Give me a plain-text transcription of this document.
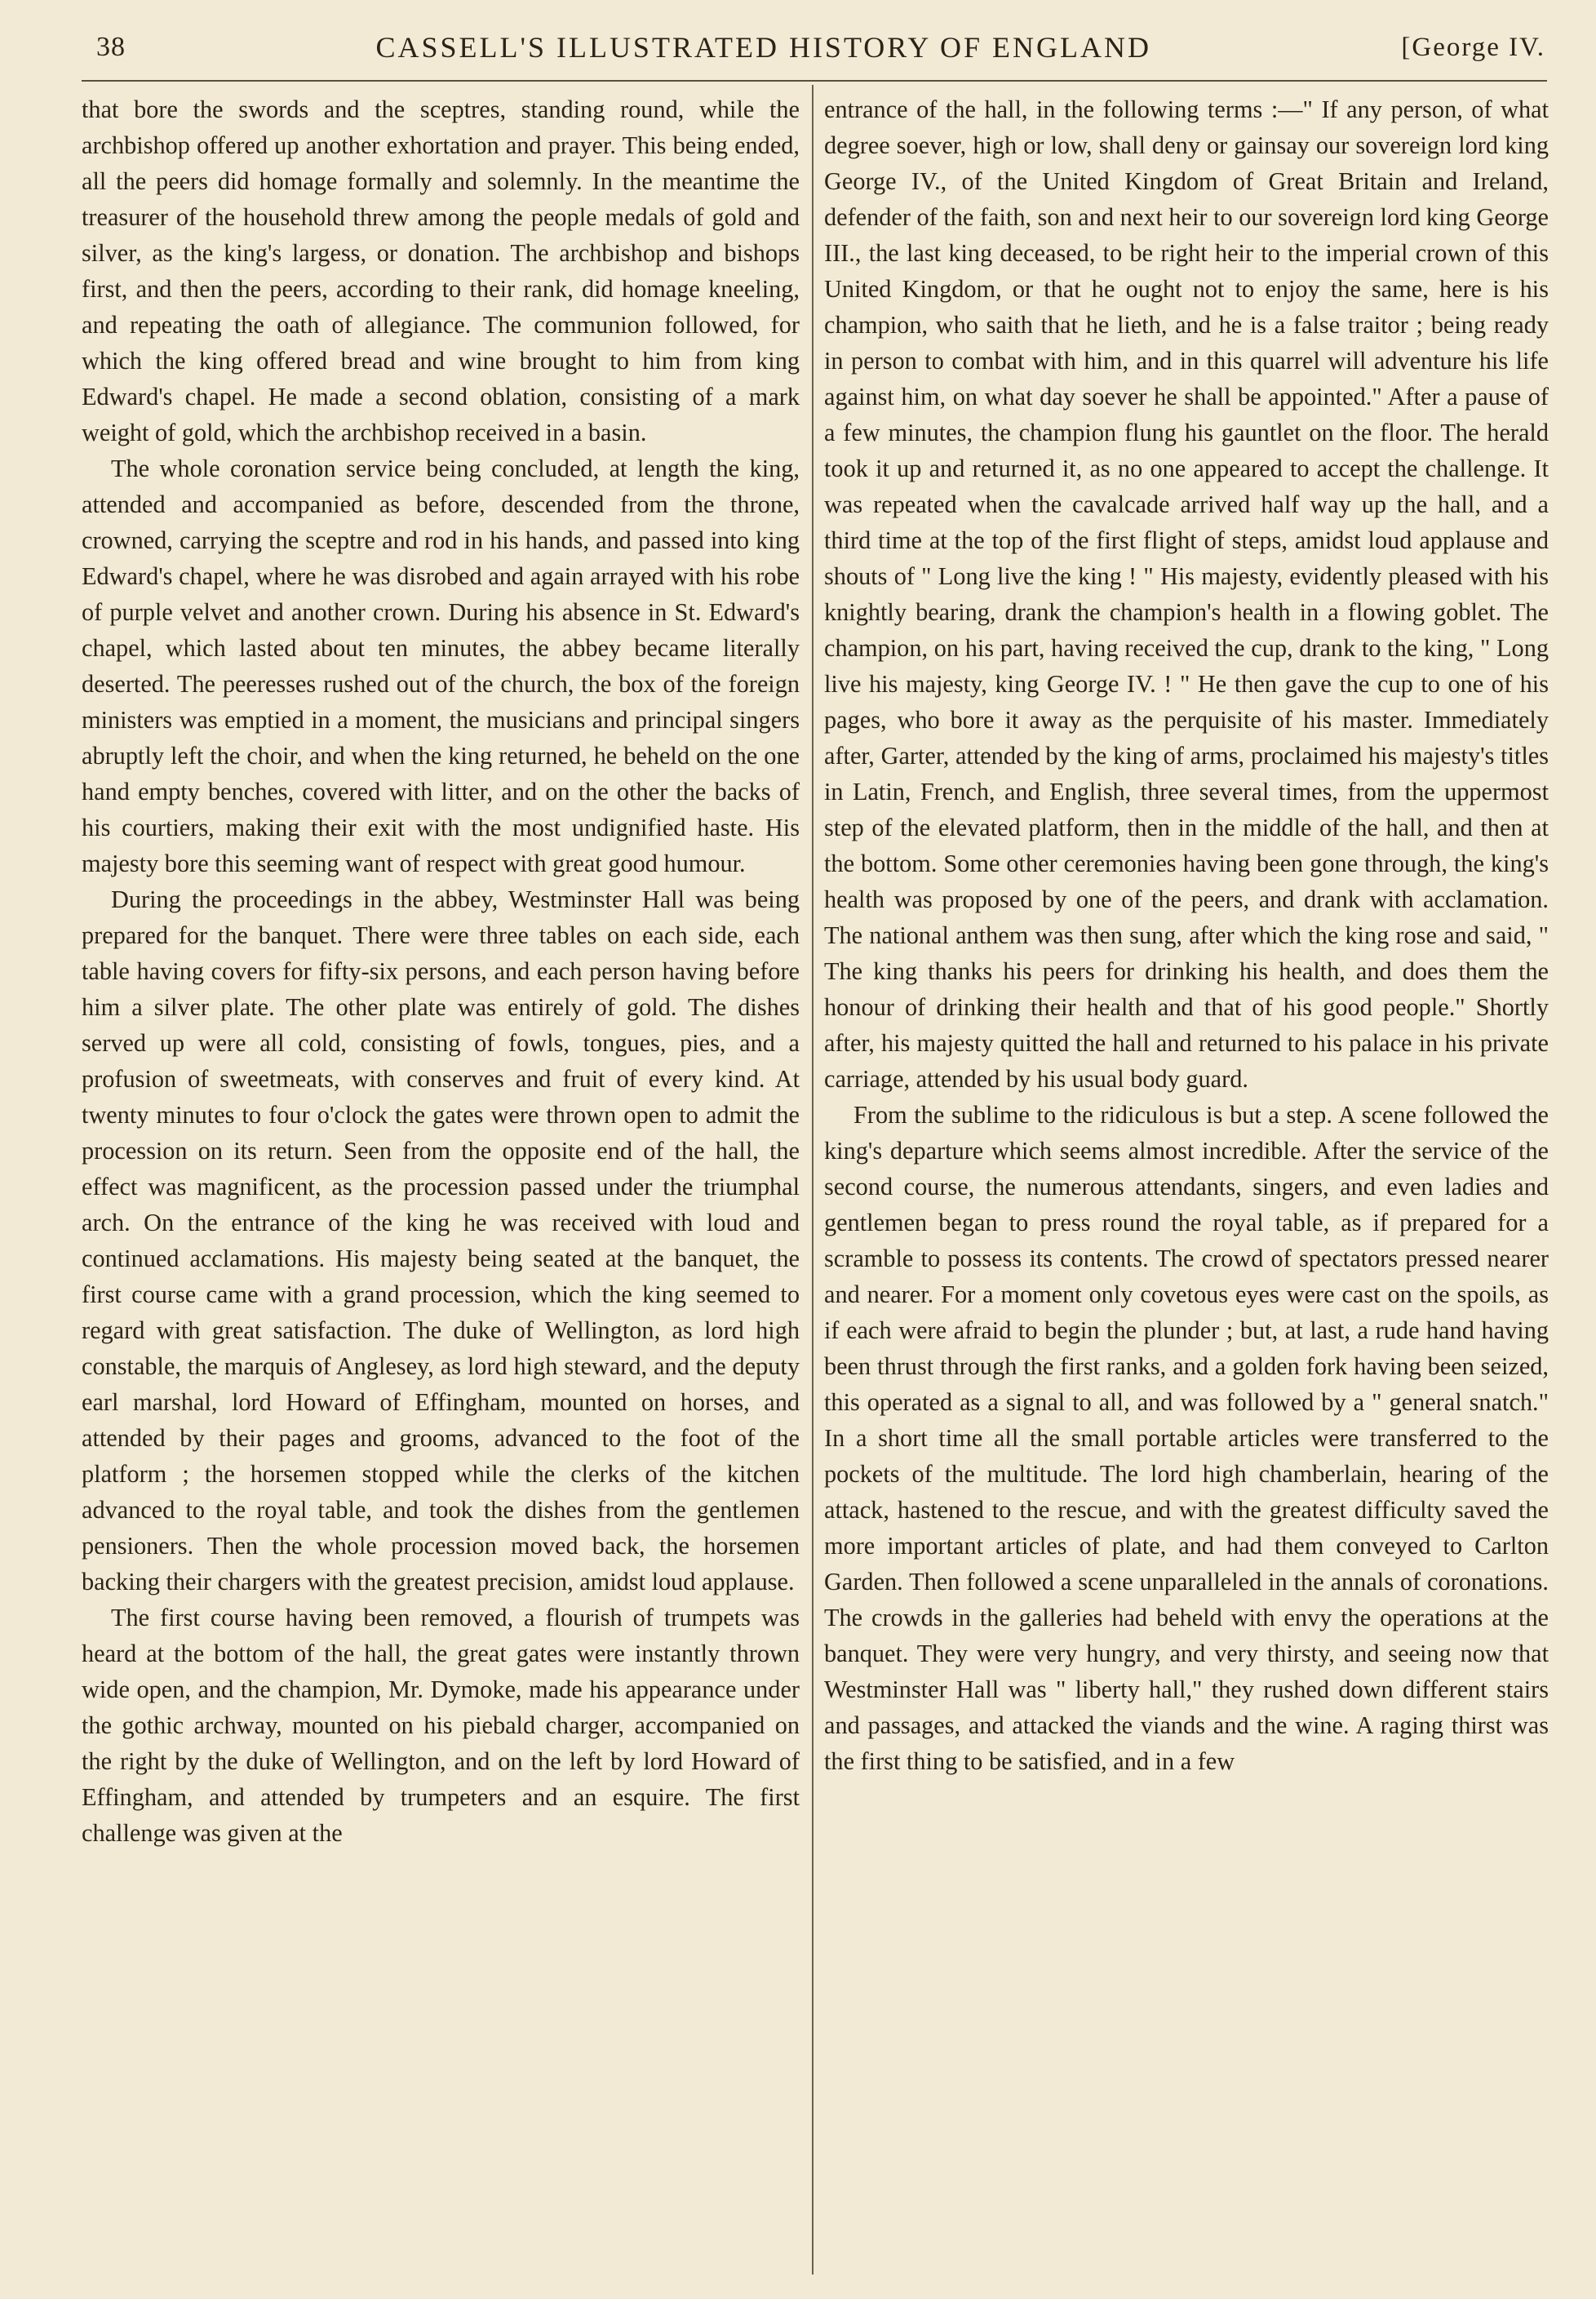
38	CASSELL'S ILLUSTRATED HISTORY OF ENGLAND	[George IV.

that bore the swords and the sceptres, standing round, while the archbishop offered up another exhortation and prayer. This being ended, all the peers did homage formally and solemnly. In the meantime the treasurer of the household threw among the people medals of gold and silver, as the king's largess, or donation. The archbishop and bishops first, and then the peers, according to their rank, did homage kneeling, and repeating the oath of allegiance. The communion followed, for which the king offered bread and wine brought to him from king Edward's chapel. He made a second oblation, consisting of a mark weight of gold, which the archbishop received in a basin.

The whole coronation service being concluded, at length the king, attended and accompanied as before, descended from the throne, crowned, carrying the sceptre and rod in his hands, and passed into king Edward's chapel, where he was disrobed and again arrayed with his robe of purple velvet and another crown. During his absence in St. Edward's chapel, which lasted about ten minutes, the abbey became literally deserted. The peeresses rushed out of the church, the box of the foreign ministers was emptied in a moment, the musicians and principal singers abruptly left the choir, and when the king returned, he beheld on the one hand empty benches, covered with litter, and on the other the backs of his courtiers, making their exit with the most undignified haste. His majesty bore this seeming want of respect with great good humour.

During the proceedings in the abbey, Westminster Hall was being prepared for the banquet. There were three tables on each side, each table having covers for fifty-six persons, and each person having before him a silver plate. The other plate was entirely of gold. The dishes served up were all cold, consisting of fowls, tongues, pies, and a profusion of sweetmeats, with conserves and fruit of every kind. At twenty minutes to four o'clock the gates were thrown open to admit the procession on its return. Seen from the opposite end of the hall, the effect was magnificent, as the procession passed under the triumphal arch. On the entrance of the king he was received with loud and continued acclamations. His majesty being seated at the banquet, the first course came with a grand procession, which the king seemed to regard with great satisfaction. The duke of Wellington, as lord high constable, the marquis of Anglesey, as lord high steward, and the deputy earl marshal, lord Howard of Effingham, mounted on horses, and attended by their pages and grooms, advanced to the foot of the platform ; the horsemen stopped while the clerks of the kitchen advanced to the royal table, and took the dishes from the gentlemen pensioners. Then the whole procession moved back, the horsemen backing their chargers with the greatest precision, amidst loud applause.

The first course having been removed, a flourish of trumpets was heard at the bottom of the hall, the great gates were instantly thrown wide open, and the champion, Mr. Dymoke, made his appearance under the gothic archway, mounted on his piebald charger, accompanied on the right by the duke of Wellington, and on the left by lord Howard of Effingham, and attended by trumpeters and an esquire. The first challenge was given at the

entrance of the hall, in the following terms :—" If any person, of what degree soever, high or low, shall deny or gainsay our sovereign lord king George IV., of the United Kingdom of Great Britain and Ireland, defender of the faith, son and next heir to our sovereign lord king George III., the last king deceased, to be right heir to the imperial crown of this United Kingdom, or that he ought not to enjoy the same, here is his champion, who saith that he lieth, and he is a false traitor ; being ready in person to combat with him, and in this quarrel will adventure his life against him, on what day soever he shall be appointed." After a pause of a few minutes, the champion flung his gauntlet on the floor. The herald took it up and returned it, as no one appeared to accept the challenge. It was repeated when the cavalcade arrived half way up the hall, and a third time at the top of the first flight of steps, amidst loud applause and shouts of " Long live the king ! " His majesty, evidently pleased with his knightly bearing, drank the champion's health in a flowing goblet. The champion, on his part, having received the cup, drank to the king, " Long live his majesty, king George IV. ! " He then gave the cup to one of his pages, who bore it away as the perquisite of his master. Immediately after, Garter, attended by the king of arms, proclaimed his majesty's titles in Latin, French, and English, three several times, from the uppermost step of the elevated platform, then in the middle of the hall, and then at the bottom. Some other ceremonies having been gone through, the king's health was proposed by one of the peers, and drank with acclamation. The national anthem was then sung, after which the king rose and said, " The king thanks his peers for drinking his health, and does them the honour of drinking their health and that of his good people." Shortly after, his majesty quitted the hall and returned to his palace in his private carriage, attended by his usual body guard.

From the sublime to the ridiculous is but a step. A scene followed the king's departure which seems almost incredible. After the service of the second course, the numerous attendants, singers, and even ladies and gentlemen began to press round the royal table, as if prepared for a scramble to possess its contents. The crowd of spectators pressed nearer and nearer. For a moment only covetous eyes were cast on the spoils, as if each were afraid to begin the plunder ; but, at last, a rude hand having been thrust through the first ranks, and a golden fork having been seized, this operated as a signal to all, and was followed by a " general snatch." In a short time all the small portable articles were transferred to the pockets of the multitude. The lord high chamberlain, hearing of the attack, hastened to the rescue, and with the greatest difficulty saved the more important articles of plate, and had them conveyed to Carlton Garden. Then followed a scene unparalleled in the annals of coronations. The crowds in the galleries had beheld with envy the operations at the banquet. They were very hungry, and very thirsty, and seeing now that Westminster Hall was " liberty hall," they rushed down different stairs and passages, and attacked the viands and the wine. A raging thirst was the first thing to be satisfied, and in a few
